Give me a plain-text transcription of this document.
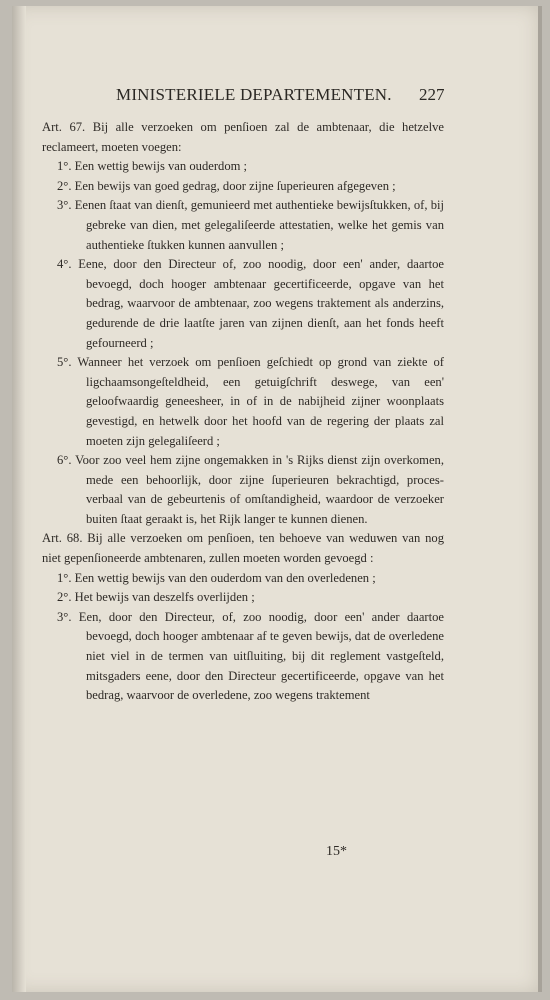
MINISTERIELE DEPARTEMENTEN.	227

Art. 67. Bij alle verzoeken om penſioen zal de ambtenaar, die hetzelve reclameert, moeten voegen:

1°. Een wettig bewijs van ouderdom ;

2°. Een bewijs van goed gedrag, door zijne ſuperieuren afgegeven ;

3°. Eenen ſtaat van dienſt, gemunieerd met authentieke bewijsſtukken, of, bij gebreke van dien, met gelegaliſeerde attestatien, welke het gemis van authentieke ſtukken kunnen aanvullen ;

4°. Eene, door den Directeur of, zoo noodig, door een' ander, daartoe bevoegd, doch hooger ambtenaar gecertificeerde, opgave van het bedrag, waarvoor de ambtenaar, zoo wegens traktement als anderzins, gedurende de drie laatſte jaren van zijnen dienſt, aan het fonds heeft gefourneerd ;

5°. Wanneer het verzoek om penſioen geſchiedt op grond van ziekte of ligchaamsongeſteldheid, een getuigſchrift deswege, van een' geloofwaardig geneesheer, in of in de nabijheid zijner woonplaats gevestigd, en hetwelk door het hoofd van de regering der plaats zal moeten zijn gelegaliſeerd ;

6°. Voor zoo veel hem zijne ongemakken in 's Rijks dienst zijn overkomen, mede een behoorlijk, door zijne ſuperieuren bekrachtigd, proces-verbaal van de gebeurtenis of omſtandigheid, waardoor de verzoeker buiten ſtaat geraakt is, het Rijk langer te kunnen dienen.

Art. 68. Bij alle verzoeken om penſioen, ten behoeve van weduwen van nog niet gepenſioneerde ambtenaren, zullen moeten worden gevoegd :

1°. Een wettig bewijs van den ouderdom van den overledenen ;

2°. Het bewijs van deszelfs overlijden ;

3°. Een, door den Directeur, of, zoo noodig, door een' ander daartoe bevoegd, doch hooger ambtenaar af te geven bewijs, dat de overledene niet viel in de termen van uitſluiting, bij dit reglement vastgeſteld, mitsgaders eene, door den Directeur gecertificeerde, opgave van het bedrag, waarvoor de overledene, zoo wegens traktement

15*
